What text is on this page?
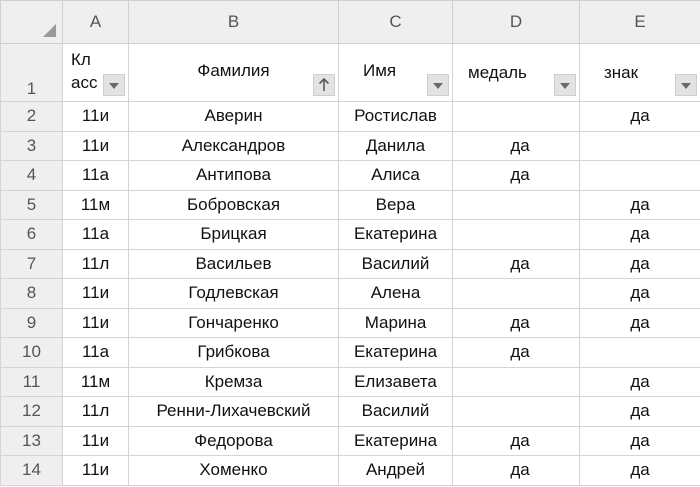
	A	B	C	D	E
1	Кл асс	Фамилия	Имя	медаль	знак

2	11и	Аверин	Ростислав		да
3	11и	Александров	Данила	да	
4	11а	Антипова	Алиса	да	
5	11м	Бобровская	Вера		да
6	11а	Брицкая	Екатерина		да
7	11л	Васильев	Василий	да	да
8	11и	Годлевская	Алена		да
9	11и	Гончаренко	Марина	да	да
10	11а	Грибкова	Екатерина	да	
11	11м	Кремза	Елизавета		да
12	11л	Ренни-Лихачевский	Василий		да
13	11и	Федорова	Екатерина	да	да
14	11и	Хоменко	Андрей	да	да
